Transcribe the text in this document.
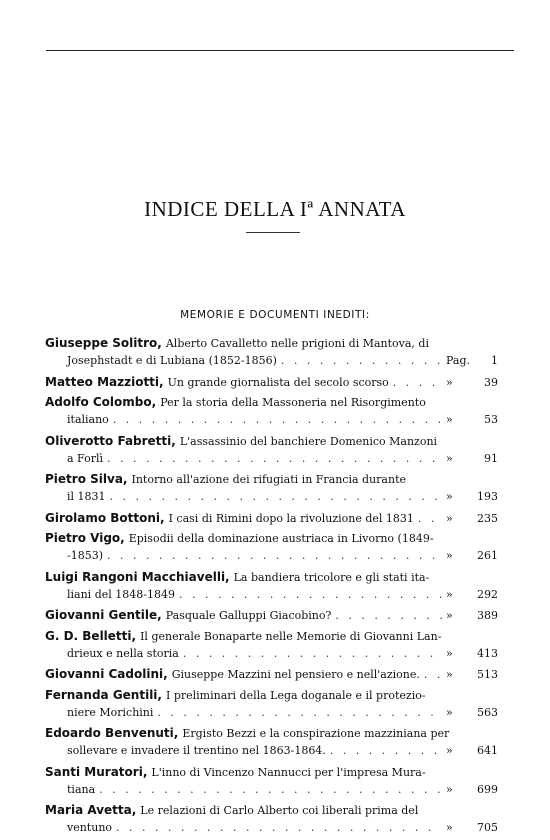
INDICE DELLA Iª ANNATA
MEMORIE E DOCUMENTI INEDITI:
Giuseppe Solitro, Alberto Cavalletto nelle prigioni di Mantova, di
Josephstadt e di Lubiana (1852-1856) . . .	Pag.	1
Matteo Mazziotti, Un grande giornalista del secolo scorso . . .	»	39
Adolfo Colombo, Per la storia della Massoneria nel Risorgimento
italiano . . .	»	53
Oliverotto Fabretti, L'assassinio del banchiere Domenico Manzoni
a Forlì . . .	»	91
Pietro Silva, Intorno all'azione dei rifugiati in Francia durante
il 1831 . . .	»	193
Girolamo Bottoni, I casi di Rimini dopo la rivoluzione del 1831 . . .	»	235
Pietro Vigo, Episodii della dominazione austriaca in Livorno (1849-
-1853) . . .	»	261
Luigi Rangoni Macchiavelli, La bandiera tricolore e gli stati ita-
liani del 1848-1849 . . .	»	292
Giovanni Gentile, Pasquale Galluppi Giacobino? . . .	»	389
G. D. Belletti, Il generale Bonaparte nelle Memorie di Giovanni Lan-
drieux e nella storia . . .	»	413
Giovanni Cadolini, Giuseppe Mazzini nel pensiero e nell'azione. . . . »	513
Fernanda Gentili, I preliminari della Lega doganale e il protezio-
niere Morichini . . .	»	563
Edoardo Benvenuti, Ergisto Bezzi e la conspirazione mazziniana per
sollevare e invadere il trentino nel 1863-1864. . . .	»	641
Santi Muratori, L'inno di Vincenzo Nannucci per l'impresa Mura-
tiana . . .	»	699
Maria Avetta, Le relazioni di Carlo Alberto coi liberali prima del
ventuno . . .	»	705
